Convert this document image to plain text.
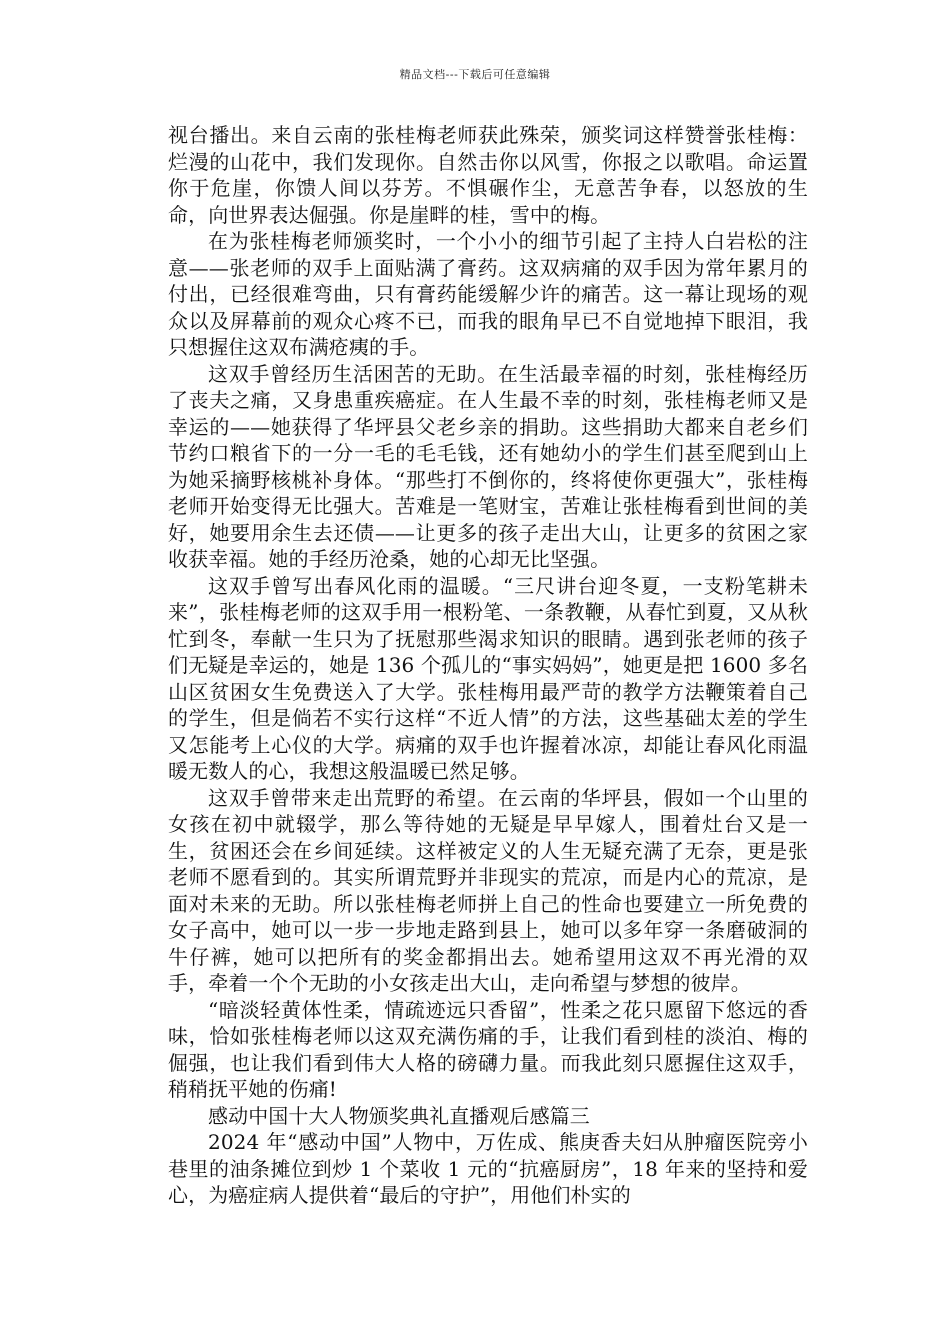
精品文档---下载后可任意编辑

视台播出。来自云南的张桂梅老师获此殊荣，颁奖词这样赞誉张桂梅：烂漫的山花中，我们发现你。自然击你以风雪，你报之以歌唱。命运置你于危崖，你馈人间以芬芳。不惧碾作尘，无意苦争春，以怒放的生命，向世界表达倔强。你是崖畔的桂，雪中的梅。

在为张桂梅老师颁奖时，一个小小的细节引起了主持人白岩松的注意——张老师的双手上面贴满了膏药。这双病痛的双手因为常年累月的付出，已经很难弯曲，只有膏药能缓解少许的痛苦。这一幕让现场的观众以及屏幕前的观众心疼不已，而我的眼角早已不自觉地掉下眼泪，我只想握住这双布满疮痍的手。

这双手曾经历生活困苦的无助。在生活最幸福的时刻，张桂梅经历了丧夫之痛，又身患重疾癌症。在人生最不幸的时刻，张桂梅老师又是幸运的——她获得了华坪县父老乡亲的捐助。这些捐助大都来自老乡们节约口粮省下的一分一毛的毛毛钱，还有她幼小的学生们甚至爬到山上为她采摘野核桃补身体。“那些打不倒你的，终将使你更强大”，张桂梅老师开始变得无比强大。苦难是一笔财宝，苦难让张桂梅看到世间的美好，她要用余生去还债——让更多的孩子走出大山，让更多的贫困之家收获幸福。她的手经历沧桑，她的心却无比坚强。

这双手曾写出春风化雨的温暖。“三尺讲台迎冬夏，一支粉笔耕未来”，张桂梅老师的这双手用一根粉笔、一条教鞭，从春忙到夏，又从秋忙到冬，奉献一生只为了抚慰那些渴求知识的眼睛。遇到张老师的孩子们无疑是幸运的，她是 136 个孤儿的“事实妈妈”，她更是把 1600 多名山区贫困女生免费送入了大学。张桂梅用最严苛的教学方法鞭策着自己的学生，但是倘若不实行这样“不近人情”的方法，这些基础太差的学生又怎能考上心仪的大学。病痛的双手也许握着冰凉，却能让春风化雨温暖无数人的心，我想这般温暖已然足够。

这双手曾带来走出荒野的希望。在云南的华坪县，假如一个山里的女孩在初中就辍学，那么等待她的无疑是早早嫁人，围着灶台又是一生，贫困还会在乡间延续。这样被定义的人生无疑充满了无奈，更是张老师不愿看到的。其实所谓荒野并非现实的荒凉，而是内心的荒凉，是面对未来的无助。所以张桂梅老师拼上自己的性命也要建立一所免费的女子高中，她可以一步一步地走路到县上，她可以多年穿一条磨破洞的牛仔裤，她可以把所有的奖金都捐出去。她希望用这双不再光滑的双手，牵着一个个无助的小女孩走出大山，走向希望与梦想的彼岸。

“暗淡轻黄体性柔，情疏迹远只香留”，性柔之花只愿留下悠远的香味，恰如张桂梅老师以这双充满伤痛的手，让我们看到桂的淡泊、梅的倔强，也让我们看到伟大人格的磅礴力量。而我此刻只愿握住这双手，稍稍抚平她的伤痛!

感动中国十大人物颁奖典礼直播观后感篇三

2024 年“感动中国”人物中，万佐成、熊庚香夫妇从肿瘤医院旁小巷里的油条摊位到炒 1 个菜收 1 元的“抗癌厨房”，18 年来的坚持和爱心，为癌症病人提供着“最后的守护”，用他们朴实的
